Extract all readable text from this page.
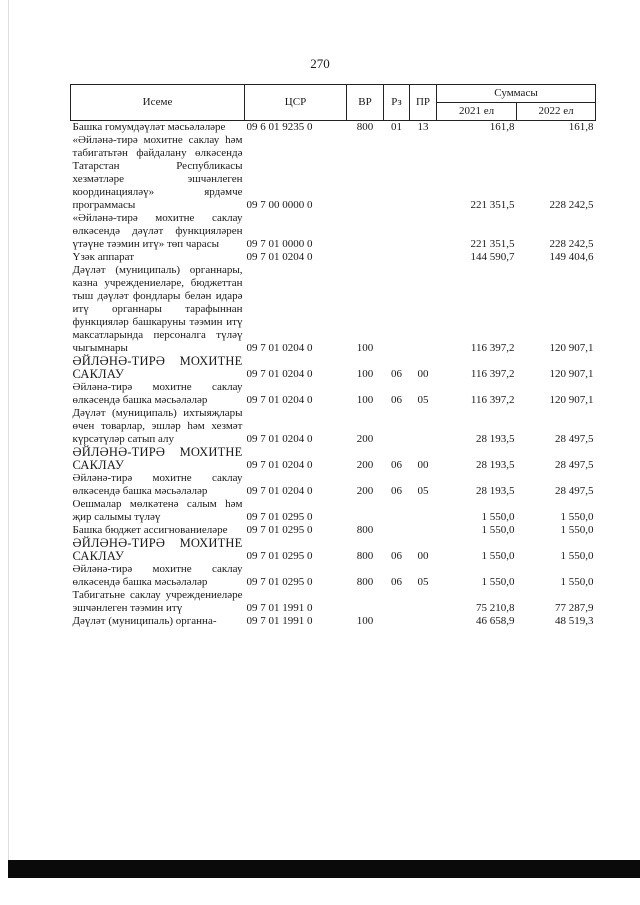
270
Исеме	ЦСР	ВР	Рз	ПР	Суммасы	
					2021 ел	2022 ел
Башка гомумдәүләт мәсьәләләре	09 6 01 9235 0	800	01	13	161,8	161,8
«Әйләнә-тирә мохитне саклау һәм табигатьтән файдалану өлкәсендә Татарстан Республикасы хезмәтләре эшчәнлеген координацияләү» ярдәмче программасы	09 7 00 0000 0				221 351,5	228 242,5
«Әйләнә-тирә мохитне саклау өлкәсендә дәүләт функцияләрен үтәүне тәэмин итү» төп чарасы	09 7 01 0000 0				221 351,5	228 242,5
Үзәк аппарат	09 7 01 0204 0				144 590,7	149 404,6
Дәүләт (муниципаль) органнары, казна учреждениеләре, бюджеттан тыш дәүләт фондлары белән идарә итү органнары тарафыннан функцияләр башкаруны тәэмин итү максатларында персоналга түләү чыгымнары	09 7 01 0204 0	100			116 397,2	120 907,1
ӘЙЛӘНӘ-ТИРӘ МОХИТНЕ САКЛАУ	09 7 01 0204 0	100	06	00	116 397,2	120 907,1
Әйләнә-тирә мохитне саклау өлкәсендә башка мәсьәләләр	09 7 01 0204 0	100	06	05	116 397,2	120 907,1
Дәүләт (муниципаль) ихтыяҗлары өчен товарлар, эшләр һәм хезмәт күрсәтүләр сатып алу	09 7 01 0204 0	200			28 193,5	28 497,5
ӘЙЛӘНӘ-ТИРӘ МОХИТНЕ САКЛАУ	09 7 01 0204 0	200	06	00	28 193,5	28 497,5
Әйләнә-тирә мохитне саклау өлкәсендә башка мәсьәләләр	09 7 01 0204 0	200	06	05	28 193,5	28 497,5
Оешмалар мөлкәтенә салым һәм җир салымы түләү	09 7 01 0295 0				1 550,0	1 550,0
Башка бюджет ассигнованиеләре	09 7 01 0295 0	800			1 550,0	1 550,0
ӘЙЛӘНӘ-ТИРӘ МОХИТНЕ САКЛАУ	09 7 01 0295 0	800	06	00	1 550,0	1 550,0
Әйләнә-тирә мохитне саклау өлкәсендә башка мәсьәләләр	09 7 01 0295 0	800	06	05	1 550,0	1 550,0
Табигатьне саклау учреждениеләре эшчәнлеген тәэмин итү	09 7 01 1991 0				75 210,8	77 287,9
Дәүләт (муниципаль) органна-	09 7 01 1991 0	100			46 658,9	48 519,3
